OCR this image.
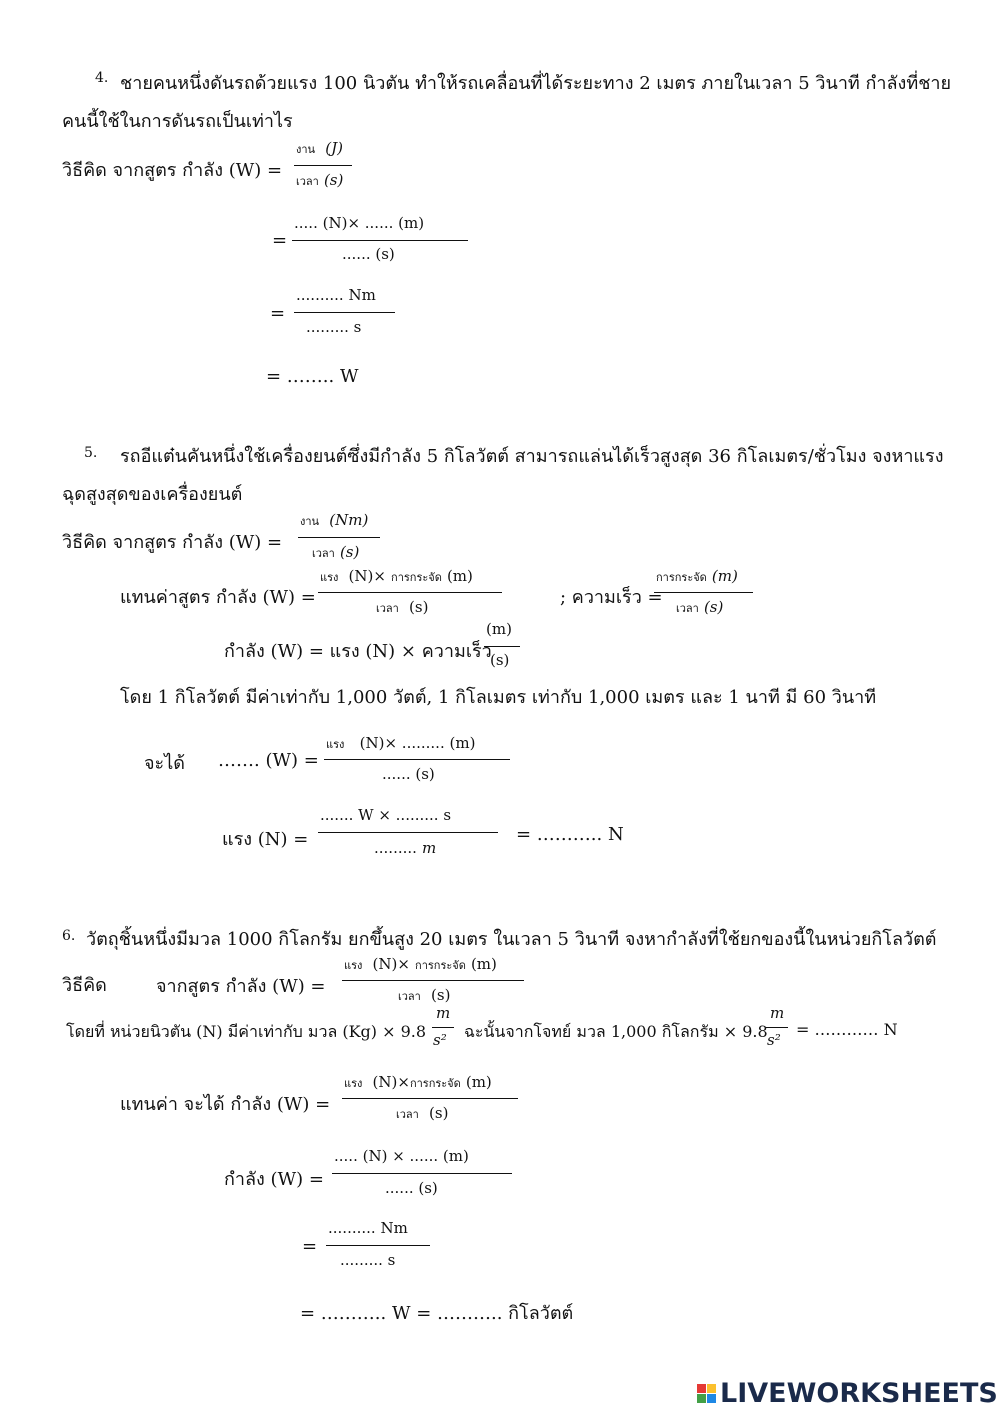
4. ชายคนหนึ่งดันรถด้วยแรง 100 นิวตัน ทำให้รถเคลื่อนที่ได้ระยะทาง 2 เมตร ภายในเวลา 5 วินาที กำลังที่ชาย
คนนี้ใช้ในการดันรถเป็นเท่าไร
วิธีคิด จากสูตร กำลัง (W) =
งาน (J)
เวลา (s)
=
..... (N)× ...... (m)
...... (s)
=
.......... Nm
......... s
= …….. W
5. รถอีแต๋นคันหนึ่งใช้เครื่องยนต์ซึ่งมีกำลัง 5 กิโลวัตต์ สามารถแล่นได้เร็วสูงสุด 36 กิโลเมตร/ชั่วโมง จงหาแรง
ฉุดสูงสุดของเครื่องยนต์
วิธีคิด จากสูตร กำลัง (W) =
งาน (Nm)
เวลา (s)
แทนค่าสูตร กำลัง (W) =
แรง (N)× การกระจัด (m)
เวลา (s)	; ความเร็ว =
การกระจัด (m)
เวลา (s)
กำลัง (W) = แรง (N) × ความเร็ว
(m)
(s)
โดย 1 กิโลวัตต์ มีค่าเท่ากับ 1,000 วัตต์, 1 กิโลเมตร เท่ากับ 1,000 เมตร และ 1 นาที มี 60 วินาที
จะได้ ……. (W) =
แรง (N)× ......... (m)
...... (s)
แรง (N) =
....... W × ......... s
......... m
= ……….. N
6. วัตถุชิ้นหนึ่งมีมวล 1000 กิโลกรัม ยกขึ้นสูง 20 เมตร ในเวลา 5 วินาที จงหากำลังที่ใช้ยกของนี้ในหน่วยกิโลวัตต์
วิธีคิด	จากสูตร กำลัง (W) =
แรง (N)× การกระจัด (m)
เวลา (s)
โดยที่ หน่วยนิวตัน (N) มีค่าเท่ากับ มวล (Kg) × 9.8
m
s² ฉะนั้นจากโจทย์ มวล 1,000 กิโลกรัม × 9.8
m
s²
= ………… N
แทนค่า จะได้ กำลัง (W) =
แรง (N)×การกระจัด (m)
เวลา (s)
กำลัง (W) =
..... (N) × ...... (m)
...... (s)
=
.......... Nm
......... s
= ……….. W = ……….. กิโลวัตต์
LIVEWORKSHEETS
